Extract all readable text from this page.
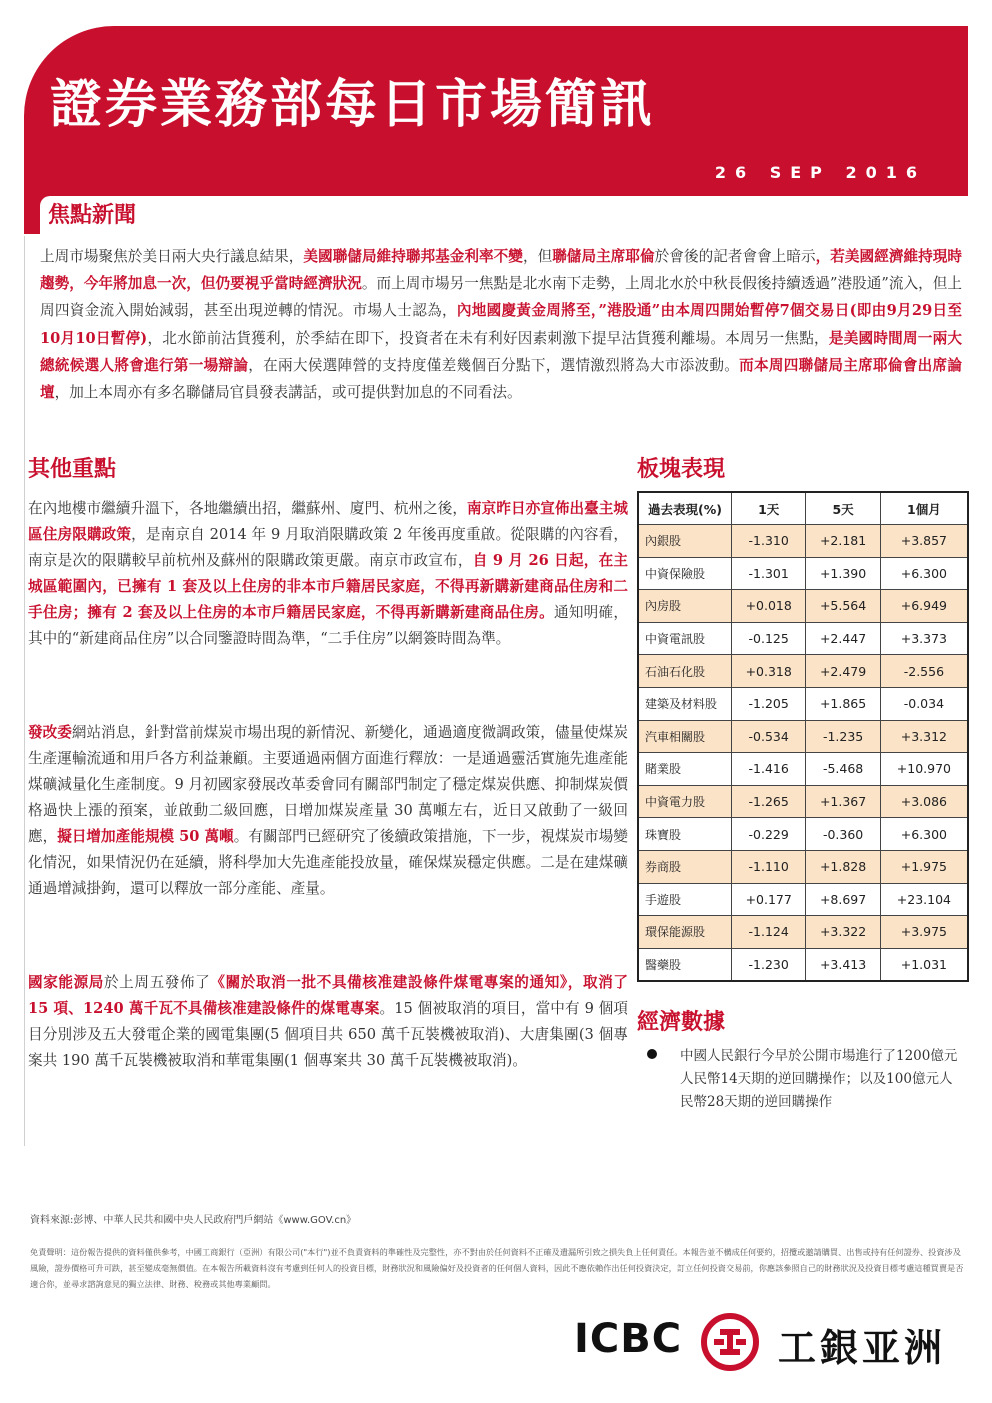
證券業務部每日市場簡訊
26 SEP 2016
焦點新聞
上周市場聚焦於美日兩大央行議息結果，美國聯儲局維持聯邦基金利率不變，但聯儲局主席耶倫於會後的記者會會上暗示，若美國經濟維持現時趨勢，今年將加息一次，但仍要視乎當時經濟狀況。而上周市場另一焦點是北水南下走勢，上周北水於中秋長假後持續透過”港股通”流入，但上周四資金流入開始減弱，甚至出現逆轉的情況。市場人士認為，內地國慶黃金周將至，”港股通”由本周四開始暫停7個交易日(即由9月29日至10月10日暫停)，北水節前沽貨獲利，於季結在即下，投資者在未有利好因素刺激下提早沽貨獲利離場。本周另一焦點，是美國時間周一兩大總統候選人將會進行第一場辯論，在兩大侯選陣營的支持度僅差幾個百分點下，選情激烈將為大市添波動。而本周四聯儲局主席耶倫會出席論壇，加上本周亦有多名聯儲局官員發表講話，或可提供對加息的不同看法。
其他重點
在內地樓市繼續升溫下，各地繼續出招，繼蘇州、廈門、杭州之後，南京昨日亦宣佈出臺主城區住房限購政策，是南京自 2014 年 9 月取消限購政策 2 年後再度重啟。從限購的內容看，南京是次的限購較早前杭州及蘇州的限購政策更嚴。南京市政宣布，自 9 月 26 日起，在主城區範圍內，已擁有 1 套及以上住房的非本市戶籍居民家庭，不得再新購新建商品住房和二手住房；擁有 2 套及以上住房的本市戶籍居民家庭，不得再新購新建商品住房。通知明確，其中的“新建商品住房”以合同鑒證時間為準，“二手住房”以網簽時間為準。
發改委網站消息，針對當前煤炭市場出現的新情況、新變化，通過適度微調政策，儘量使煤炭生產運輸流通和用戶各方利益兼顧。主要通過兩個方面進行釋放：一是通過靈活實施先進產能煤礦減量化生產制度。9 月初國家發展改革委會同有關部門制定了穩定煤炭供應、抑制煤炭價格過快上漲的預案，並啟動二級回應，日增加煤炭產量 30 萬噸左右，近日又啟動了一級回應，擬日增加產能規模 50 萬噸。有關部門已經研究了後續政策措施，下一步，視煤炭市場變化情況，如果情況仍在延續，將科學加大先進產能投放量，確保煤炭穩定供應。二是在建煤礦通過增減掛鉤，還可以釋放一部分產能、產量。
國家能源局於上周五發佈了《關於取消一批不具備核准建設條件煤電專案的通知》，取消了 15 項、1240 萬千瓦不具備核准建設條件的煤電專案。15 個被取消的項目，當中有 9 個項目分別涉及五大發電企業的國電集團(5 個項目共 650 萬千瓦裝機被取消)、大唐集團(3 個專案共 190 萬千瓦裝機被取消和華電集團(1 個專案共 30 萬千瓦裝機被取消)。
板塊表現
過去表現(%)	1天	5天	1個月
內銀股	-1.310	+2.181	+3.857
中資保險股	-1.301	+1.390	+6.300
內房股	+0.018	+5.564	+6.949
中資電訊股	-0.125	+2.447	+3.373
石油石化股	+0.318	+2.479	-2.556
建築及材料股	-1.205	+1.865	-0.034
汽車相關股	-0.534	-1.235	+3.312
賭業股	-1.416	-5.468	+10.970
中資電力股	-1.265	+1.367	+3.086
珠寶股	-0.229	-0.360	+6.300
券商股	-1.110	+1.828	+1.975
手遊股	+0.177	+8.697	+23.104
環保能源股	-1.124	+3.322	+3.975
醫藥股	-1.230	+3.413	+1.031
經濟數據
中國人民銀行今早於公開市場進行了1200億元人民幣14天期的逆回購操作；以及100億元人民幣28天期的逆回購操作
資料來源:彭博、中華人民共和國中央人民政府門戶網站《www.GOV.cn》
免責聲明：這份報告提供的資料僅供參考，中國工商銀行（亞洲）有限公司("本行")並不負責資料的準確性及完整性，亦不對由於任何資料不正確及遺漏所引致之損失負上任何責任。本報告並不構成任何要約，招攬或邀請購買、出售或持有任何證券、投資涉及風險，證券價格可升可跌，甚至變成毫無價值。在本報告所載資料沒有考慮到任何人的投資目標，財務狀況和風險偏好及投資者的任何個人資料，因此不應依賴作出任何投資決定，訂立任何投資交易前，你應該參照自己的財務狀況及投資目標考慮這種買賣是否適合你，並尋求諮詢意見的獨立法律、財務、稅務或其他專業顧問。
ICBC	工銀亚洲
